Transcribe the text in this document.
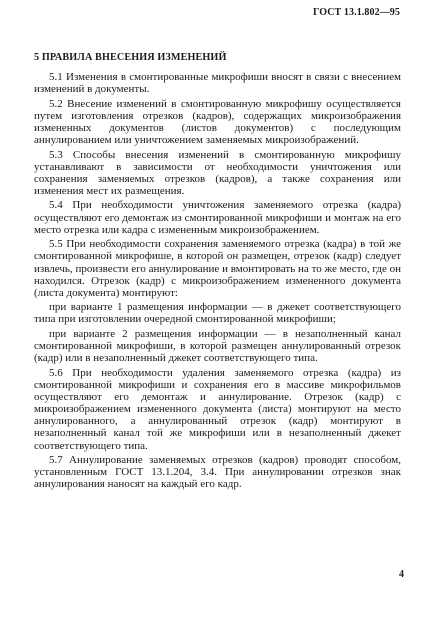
ГОСТ 13.1.802—95
5 ПРАВИЛА ВНЕСЕНИЯ ИЗМЕНЕНИЙ

5.1 Изменения в смонтированные микрофиши вносят в связи с внесением изменений в документы.

5.2 Внесение изменений в смонтированную микрофишу осуществляется путем изготовления отрезков (кадров), содержащих микроизображения измененных документов (листов документов) с последующим аннулированием или уничтожением заменяемых микроизображений.

5.3 Способы внесения изменений в смонтированную микрофишу устанавливают в зависимости от необходимости уничтожения или сохранения заменяемых отрезков (кадров), а также сохранения или изменения мест их размещения.

5.4 При необходимости уничтожения заменяемого отрезка (кадра) осуществляют его демонтаж из смонтированной микрофиши и монтаж на его место отрезка или кадра с измененным микроизображением.

5.5 При необходимости сохранения заменяемого отрезка (кадра) в той же смонтированной микрофише, в которой он размещен, отрезок (кадр) следует извлечь, произвести его аннулирование и вмонтировать на то же место, где он находился. Отрезок (кадр) с микроизображением измененного документа (листа документа) монтируют:

при варианте 1 размещения информации — в джекет соответствующего типа при изготовлении очередной смонтированной микрофиши;

при варианте 2 размещения информации — в незаполненный канал смонтированной микрофиши, в которой размещен аннулированный отрезок (кадр) или в незаполненный джекет соответствующего типа.

5.6 При необходимости удаления заменяемого отрезка (кадра) из смонтированной микрофиши и сохранения его в массиве микрофильмов осуществляют его демонтаж и аннулирование. Отрезок (кадр) с микроизображением измененного документа (листа) монтируют на место аннулированного, а аннулированный отрезок (кадр) монтируют в незаполненный канал той же микрофиши или в незаполненный джекет соответствующего типа.

5.7 Аннулирование заменяемых отрезков (кадров) проводят способом, установленным ГОСТ 13.1.204, 3.4. При аннулировании отрезков знак аннулирования наносят на каждый его кадр.

4
